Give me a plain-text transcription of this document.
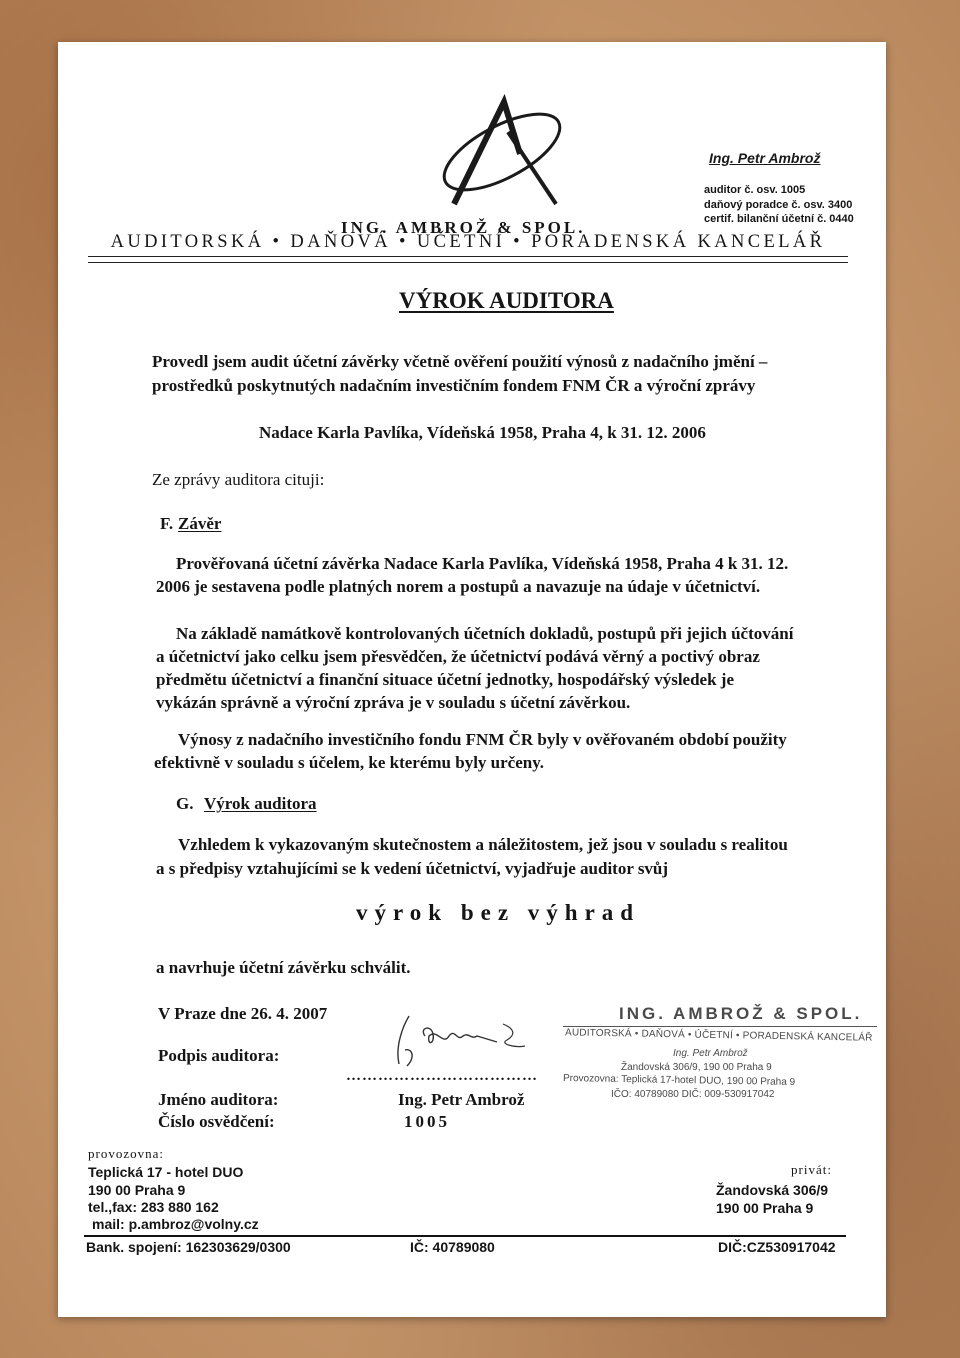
ING. AMBROŽ & SPOL.
Ing. Petr Ambrož
auditor č. osv. 1005
daňový poradce č. osv. 3400
certif. bilanční účetní č. 0440
AUDITORSKÁ • DAŇOVÁ • ÚČETNÍ • PORADENSKÁ KANCELÁŘ
VÝROK AUDITORA
Provedl jsem audit účetní závěrky včetně ověření použití výnosů z nadačního jmění –
prostředků poskytnutých nadačním investičním fondem FNM ČR a výroční zprávy
Nadace Karla Pavlíka, Vídeňská 1958, Praha 4, k 31. 12. 2006
Ze zprávy auditora cituji:
F. Závěr
Prověřovaná účetní závěrka Nadace Karla Pavlíka, Vídeňská 1958, Praha 4 k 31. 12.
2006 je sestavena podle platných norem a postupů a navazuje na údaje v účetnictví.
Na základě namátkově kontrolovaných účetních dokladů, postupů při jejich účtování
a účetnictví jako celku jsem přesvědčen, že účetnictví podává věrný a poctivý obraz
předmětu účetnictví a finanční situace účetní jednotky, hospodářský výsledek je
vykázán správně a výroční zpráva je v souladu s účetní závěrkou.
Výnosy z nadačního investičního fondu FNM ČR byly v ověřovaném období použity
efektivně v souladu s účelem, ke kterému byly určeny.
G. Výrok auditora
Vzhledem k vykazovaným skutečnostem a náležitostem, jež jsou v souladu s realitou
a s předpisy vztahujícími se k vedení účetnictví, vyjadřuje auditor svůj
výrok bez výhrad
a navrhuje účetní závěrku schválit.
V Praze dne 26. 4. 2007
Podpis auditora:
………………………………
Jméno auditora:	Ing. Petr Ambrož
Číslo osvědčení:	1005
ING. AMBROŽ & SPOL.
AUDITORSKÁ • DAŇOVÁ • ÚČETNÍ • PORADENSKÁ KANCELÁŘ
Ing. Petr Ambrož
Žandovská 306/9, 190 00 Praha 9
Provozovna: Teplická 17-hotel DUO, 190 00 Praha 9
IČO: 40789080 DIČ: 009-530917042
provozovna:
Teplická 17 - hotel DUO
190 00 Praha 9
tel.,fax: 283 880 162
mail: p.ambroz@volny.cz
privát:
Žandovská 306/9
190 00 Praha 9
Bank. spojení: 162303629/0300	IČ: 40789080	DIČ:CZ530917042
